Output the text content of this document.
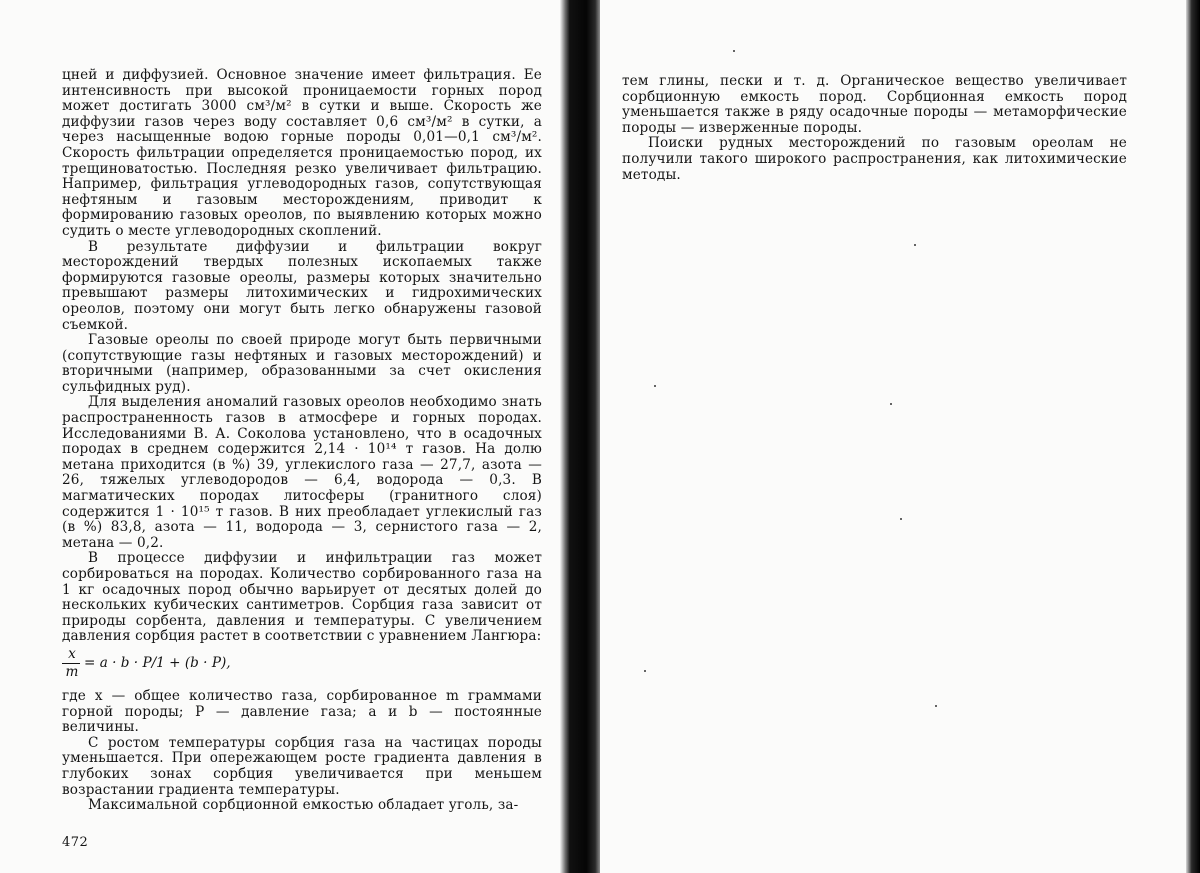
цней и диффузией. Основное значение имеет фильтрация. Ее интенсивность при высокой проницаемости горных пород может достигать 3000 см³/м² в сутки и выше. Скорость же диффузии газов через воду составляет 0,6 см³/м² в сутки, а через насыщенные водою горные породы 0,01—0,1 см³/м². Скорость фильтрации определяется проницаемостью пород, их трещиноватостью. Последняя резко увеличивает фильтрацию. Например, фильтрация углеводородных газов, сопутствующая нефтяным и газовым месторождениям, приводит к формированию газовых ореолов, по выявлению которых можно судить о месте углеводородных скоплений.

В результате диффузии и фильтрации вокруг месторождений твердых полезных ископаемых также формируются газовые ореолы, размеры которых значительно превышают размеры литохимических и гидрохимических ореолов, поэтому они могут быть легко обнаружены газовой съемкой.

Газовые ореолы по своей природе могут быть первичными (сопутствующие газы нефтяных и газовых месторождений) и вторичными (например, образованными за счет окисления сульфидных руд).

Для выделения аномалий газовых ореолов необходимо знать распространенность газов в атмосфере и горных породах. Исследованиями В. А. Соколова установлено, что в осадочных породах в среднем содержится 2,14 · 10¹⁴ т газов. На долю метана приходится (в %) 39, углекислого газа — 27,7, азота — 26, тяжелых углеводородов — 6,4, водорода — 0,3. В магматических породах литосферы (гранитного слоя) содержится 1 · 10¹⁵ т газов. В них преобладает углекислый газ (в %) 83,8, азота — 11, водорода — 3, сернистого газа — 2, метана — 0,2.

В процессе диффузии и инфильтрации газ может сорбироваться на породах. Количество сорбированного газа на 1 кг осадочных пород обычно варьирует от десятых долей до нескольких кубических сантиметров. Сорбция газа зависит от природы сорбента, давления и температуры. С увеличением давления сорбция растет в соответствии с уравнением Лангюра:

x
m
= a · b · P/1 + (b · P),

где x — общее количество газа, сорбированное m граммами горной породы; P — давление газа; a и b — постоянные величины.

С ростом температуры сорбция газа на частицах породы уменьшается. При опережающем росте градиента давления в глубоких зонах сорбция увеличивается при меньшем возрастании градиента температуры.

Максимальной сорбционной емкостью обладает уголь, за-

472

тем глины, пески и т. д. Органическое вещество увеличивает сорбционную емкость пород. Сорбционная емкость пород уменьшается также в ряду осадочные породы — метаморфические породы — изверженные породы.

Поиски рудных месторождений по газовым ореолам не получили такого широкого распространения, как литохимические методы.
